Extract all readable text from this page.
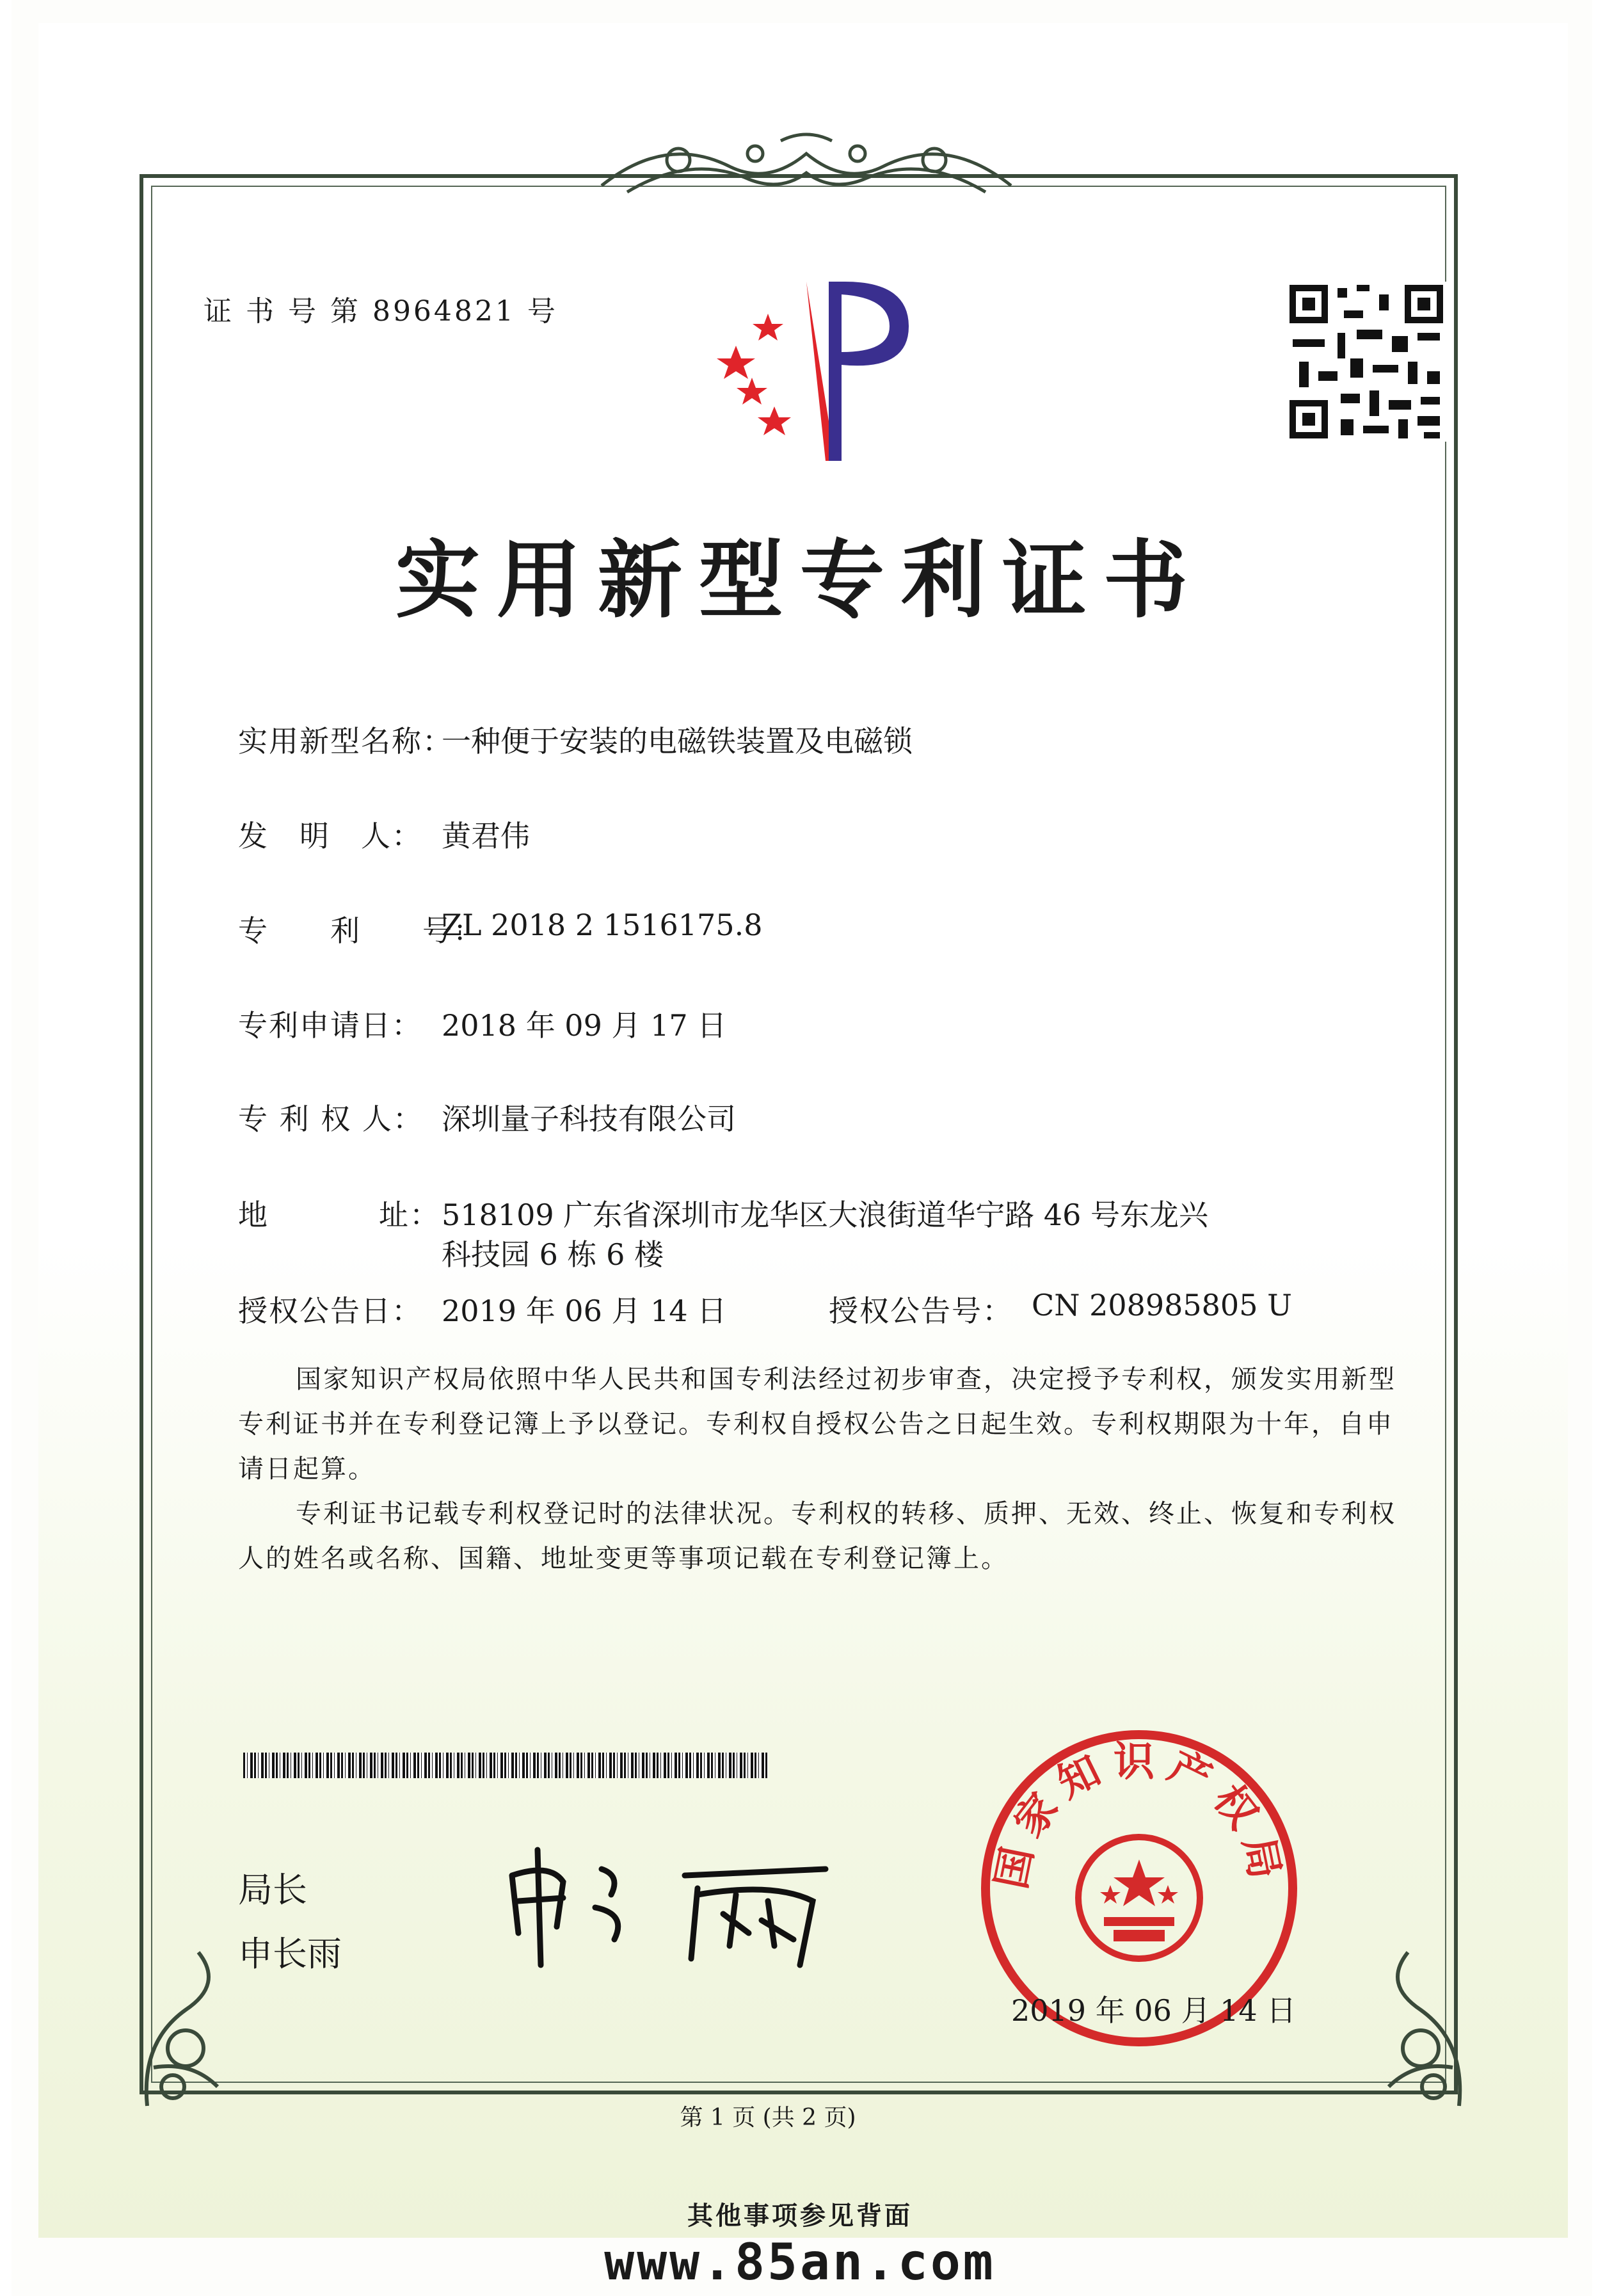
证 书 号 第 8964821 号
实用新型专利证书
实用新型名称：
一种便于安装的电磁铁装置及电磁锁
发　明　人： 黄君伟
专　　利　　号：
ZL 2018 2 1516175.8
专利申请日： 2018 年 09 月 17 日
专 利 权 人： 深圳量子科技有限公司
地	址： 518109 广东省深圳市龙华区大浪街道华宁路 46 号东龙兴
科技园 6 栋 6 楼
授权公告日： 2019 年 06 月 14 日	授权公告号： CN 208985805 U
国家知识产权局依照中华人民共和国专利法经过初步审查，决定授予专利权，颁发实用新型专利证书并在专利登记簿上予以登记。专利权自授权公告之日起生效。专利权期限为十年，自申请日起算。
专利证书记载专利权登记时的法律状况。专利权的转移、质押、无效、终止、恢复和专利权人的姓名或名称、国籍、地址变更等事项记载在专利登记簿上。
局长
申长雨
国家知识产权局
2019 年 06 月 14 日
第 1 页 (共 2 页)
其他事项参见背面
www.85an.com
